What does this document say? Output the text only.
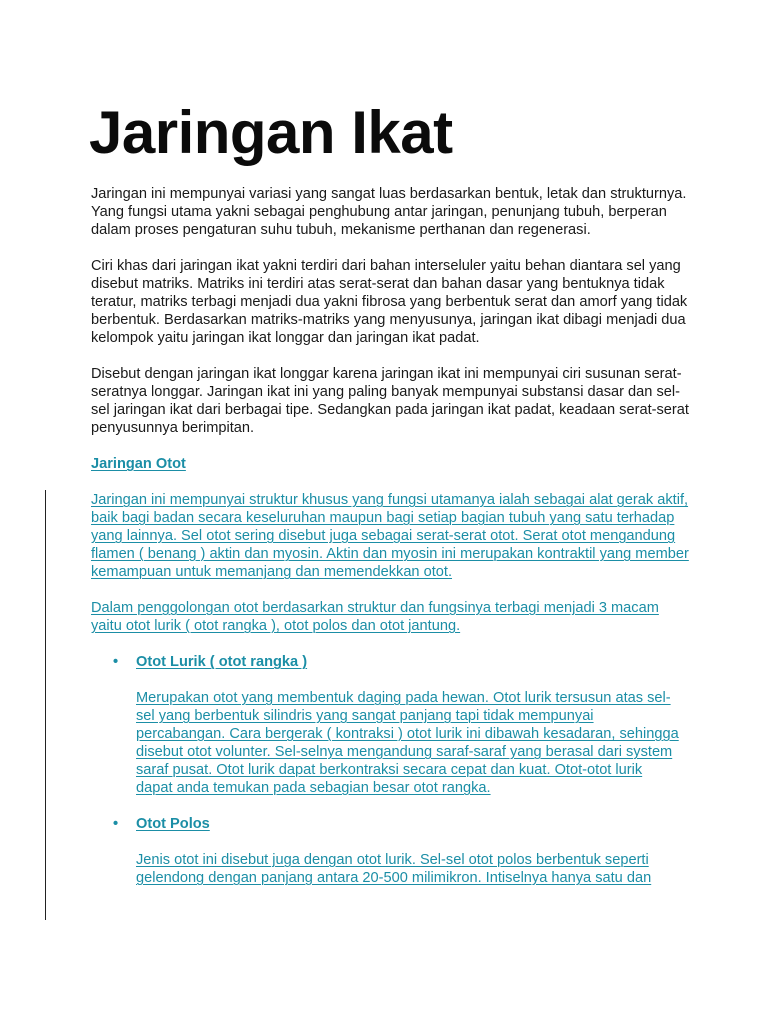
Jaringan Ikat

Jaringan ini mempunyai variasi yang sangat luas berdasarkan bentuk, letak dan strukturnya. Yang fungsi utama yakni sebagai penghubung antar jaringan, penunjang tubuh, berperan dalam proses pengaturan suhu tubuh, mekanisme perthanan dan regenerasi.

Ciri khas dari jaringan ikat yakni terdiri dari bahan interseluler yaitu behan diantara sel yang disebut matriks. Matriks ini terdiri atas serat-serat dan bahan dasar yang bentuknya tidak teratur, matriks terbagi menjadi dua yakni fibrosa yang berbentuk serat dan amorf yang tidak berbentuk. Berdasarkan matriks-matriks yang menyusunya, jaringan ikat dibagi menjadi dua kelompok yaitu jaringan ikat longgar dan jaringan ikat padat.

Disebut dengan jaringan ikat longgar karena jaringan ikat ini mempunyai ciri susunan serat-seratnya longgar. Jaringan ikat ini yang paling banyak mempunyai substansi dasar dan sel-sel jaringan ikat dari berbagai tipe. Sedangkan pada jaringan ikat padat, keadaan serat-serat penyusunnya berimpitan.

Jaringan Otot

Jaringan ini mempunyai struktur khusus yang fungsi utamanya ialah sebagai alat gerak aktif, baik bagi badan secara keseluruhan maupun bagi setiap bagian tubuh yang satu terhadap yang lainnya. Sel otot sering disebut juga sebagai serat-serat otot. Serat otot mengandung flamen ( benang ) aktin dan myosin. Aktin dan myosin ini merupakan kontraktil yang member kemampuan untuk memanjang dan memendekkan otot.

Dalam penggolongan otot berdasarkan struktur dan fungsinya terbagi menjadi 3 macam yaitu otot lurik ( otot rangka ), otot polos dan otot jantung.

• Otot Lurik ( otot rangka )

Merupakan otot yang membentuk daging pada hewan. Otot lurik tersusun atas sel-sel yang berbentuk silindris yang sangat panjang tapi tidak mempunyai percabangan. Cara bergerak ( kontraksi ) otot lurik ini dibawah kesadaran, sehingga disebut otot volunter. Sel-selnya mengandung saraf-saraf yang berasal dari system saraf pusat. Otot lurik dapat berkontraksi secara cepat dan kuat. Otot-otot lurik dapat anda temukan pada sebagian besar otot rangka.

• Otot Polos

Jenis otot ini disebut juga dengan otot lurik. Sel-sel otot polos berbentuk seperti gelendong dengan panjang antara 20-500 milimikron. Intiselnya hanya satu dan
